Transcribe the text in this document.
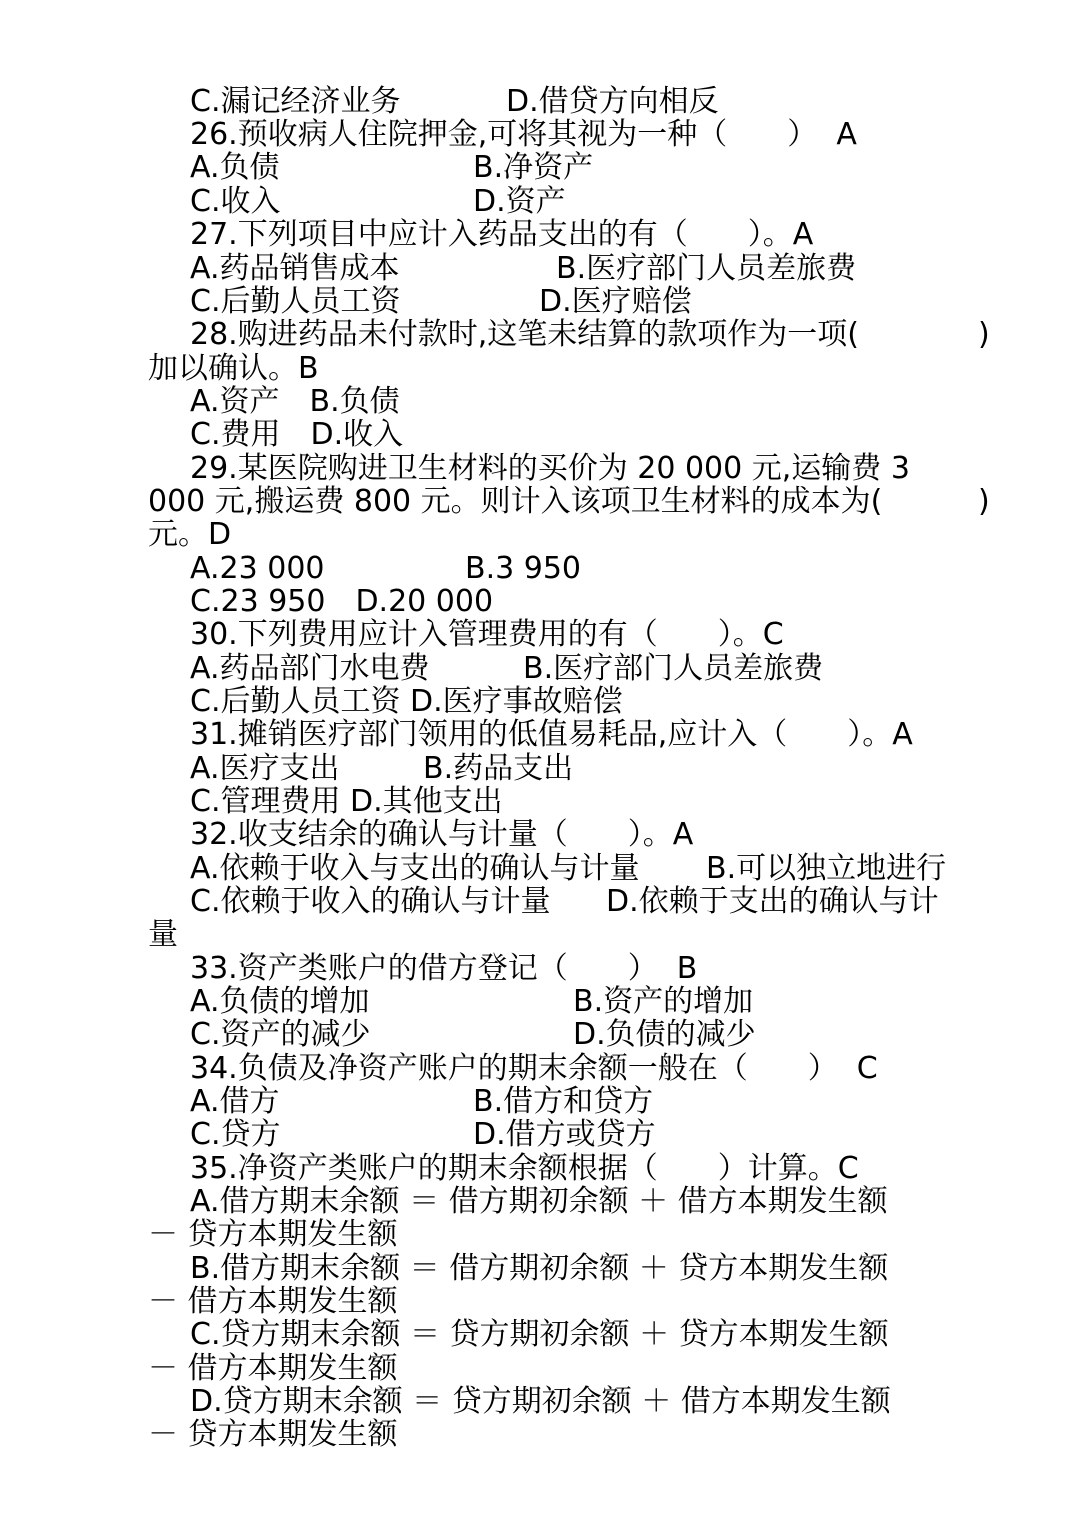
C.漏记经济业务	D.借贷方向相反
26.预收病人住院押金,可将其视为一种（　　）  A
A.负债	B.净资产
C.收入	D.资产
27.下列项目中应计入药品支出的有（　　）。A
A.药品销售成本	B.医疗部门人员差旅费
C.后勤人员工资	D.医疗赔偿
28.购进药品未付款时,这笔未结算的款项作为一项(	)
加以确认。B
A.资产　B.负债
C.费用　D.收入
29.某医院购进卫生材料的买价为 20 000 元,运输费 3
000 元,搬运费 800 元。则计入该项卫生材料的成本为(	)
元。D
A.23 000	B.3 950
C.23 950　D.20 000
30.下列费用应计入管理费用的有（　　）。C
A.药品部门水电费	B.医疗部门人员差旅费
C.后勤人员工资 D.医疗事故赔偿
31.摊销医疗部门领用的低值易耗品,应计入（　　）。A
A.医疗支出	B.药品支出
C.管理费用 D.其他支出
32.收支结余的确认与计量（　　）。A
A.依赖于收入与支出的确认与计量 B.可以独立地进行
C.依赖于收入的确认与计量 D.依赖于支出的确认与计
量
33.资产类账户的借方登记（　　）  B
A.负债的增加	B.资产的增加
C.资产的减少	D.负债的减少
34.负债及净资产账户的期末余额一般在（　　）  C
A.借方	B.借方和贷方
C.贷方	D.借方或贷方
35.净资产类账户的期末余额根据（　　）计算。C
A.借方期末余额 ＝ 借方期初余额 ＋ 借方本期发生额
－ 贷方本期发生额
B.借方期末余额 ＝ 借方期初余额 ＋ 贷方本期发生额
－ 借方本期发生额
C.贷方期末余额 ＝ 贷方期初余额 ＋ 贷方本期发生额
－ 借方本期发生额
D.贷方期末余额 ＝ 贷方期初余额 ＋ 借方本期发生额
－ 贷方本期发生额
